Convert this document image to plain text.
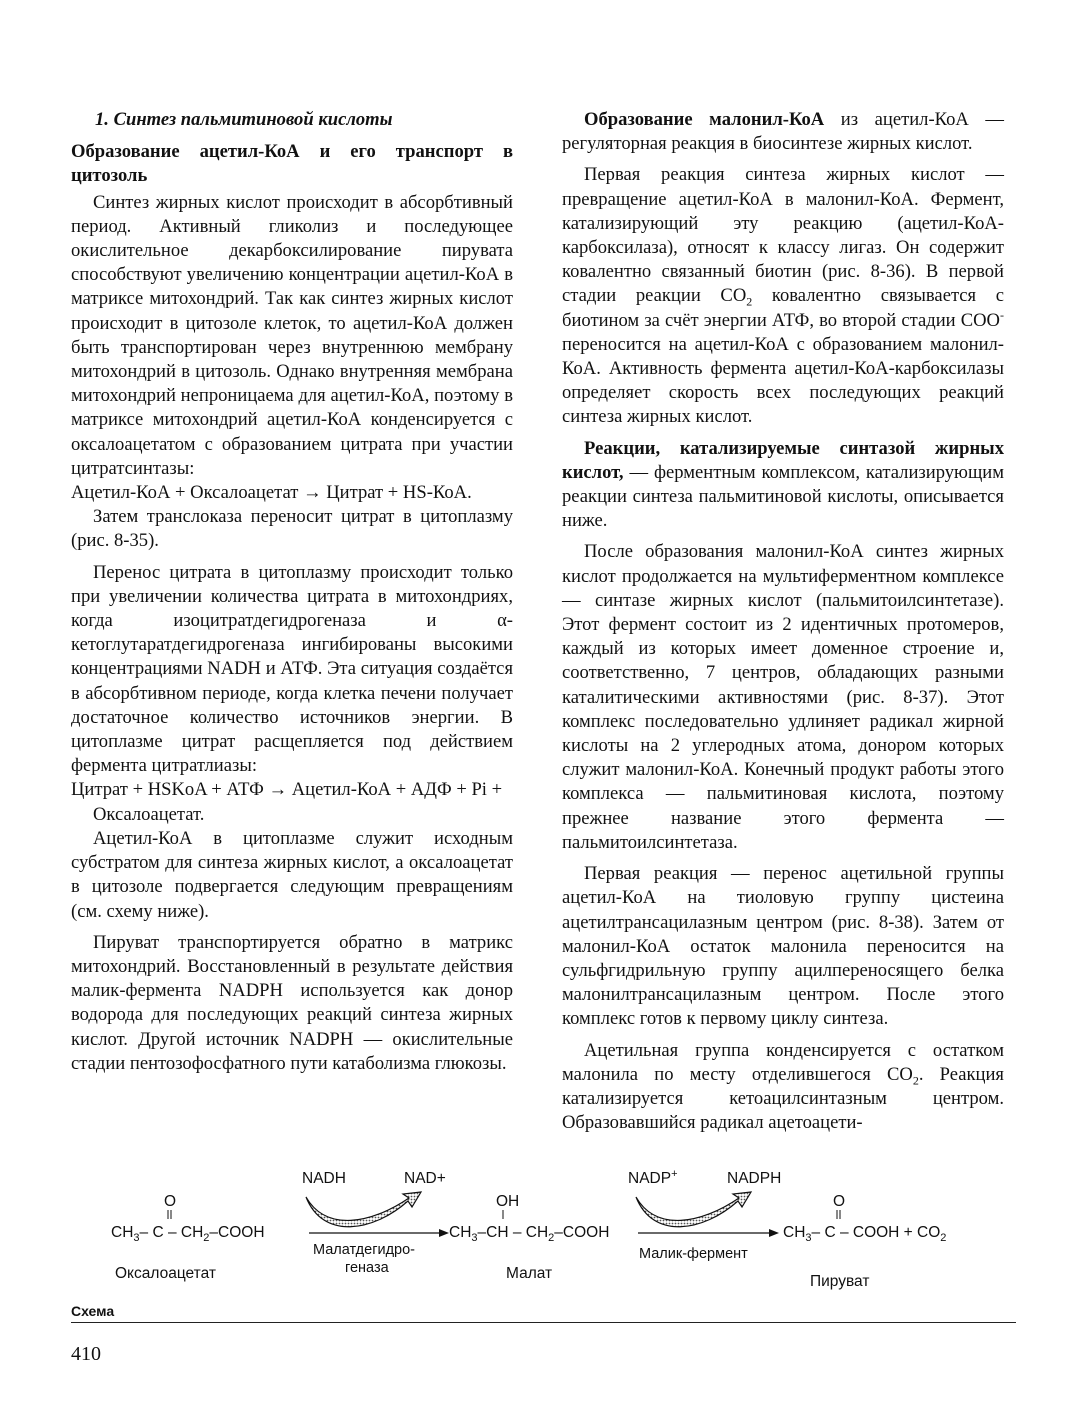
1. Синтез пальмитиновой кислоты

Образование ацетил-КоА и его транспорт в цитозоль

Синтез жирных кислот происходит в абсорбтивный период. Активный гликолиз и последующее окислительное декарбоксилирование пирувата способствуют увеличению концентрации ацетил-КоА в матриксе митохондрий. Так как синтез жирных кислот происходит в цитозоле клеток, то ацетил-КоА должен быть транспортирован через внутреннюю мембрану митохондрий в цитозоль. Однако внутренняя мембрана митохондрий непроницаема для ацетил-КоА, поэтому в матриксе митохондрий ацетил-КоА конденсируется с оксалоацетатом с образованием цитрата при участии цитратсинтазы:

Ацетил-КоА + Оксалоацетат → Цитрат + HS-КоА.

Затем транслоказа переносит цитрат в цитоплазму (рис. 8-35).

Перенос цитрата в цитоплазму происходит только при увеличении количества цитрата в митохондриях, когда изоцитратдегидрогеназа и α-кетоглутаратдегидрогеназа ингибированы высокими концентрациями NADH и АТФ. Эта ситуация создаётся в абсорбтивном периоде, когда клетка печени получает достаточное количество источников энергии. В цитоплазме цитрат расщепляется под действием фермента цитратлиазы:

Цитрат + HSKoA + АТФ → Ацетил-КоА + АДФ + Pi + Оксалоацетат.

Ацетил-КоА в цитоплазме служит исходным субстратом для синтеза жирных кислот, а оксалоацетат в цитозоле подвергается следующим превращениям (см. схему ниже).

Пируват транспортируется обратно в матрикс митохондрий. Восстановленный в результате действия малик-фермента NADPH используется как донор водорода для последующих реакций синтеза жирных кислот. Другой источник NADPH — окислительные стадии пентозофосфатного пути катаболизма глюкозы.

Образование малонил-КоА из ацетил-КоА — регуляторная реакция в биосинтезе жирных кислот.

Первая реакция синтеза жирных кислот — превращение ацетил-КоА в малонил-КоА. Фермент, катализирующий эту реакцию (ацетил-КоА-карбоксилаза), относят к классу лигаз. Он содержит ковалентно связанный биотин (рис. 8-36). В первой стадии реакции $CO_2$ ковалентно связывается с биотином за счёт энергии АТФ, во второй стадии СОО- переносится на ацетил-КоА с образованием малонил-КоА. Активность фермента ацетил-КоА-карбоксилазы определяет скорость всех последующих реакций синтеза жирных кислот.

Реакции, катализируемые синтазой жирных кислот, — ферментным комплексом, катализирующим реакции синтеза пальмитиновой кислоты, описывается ниже.

После образования малонил-КоА синтез жирных кислот продолжается на мультиферментном комплексе — синтазе жирных кислот (пальмитоилсинтетазе). Этот фермент состоит из 2 идентичных протомеров, каждый из которых имеет доменное строение и, соответственно, 7 центров, обладающих разными каталитическими активностями (рис. 8-37). Этот комплекс последовательно удлиняет радикал жирной кислоты на 2 углеродных атома, донором которых служит малонил-КоА. Конечный продукт работы этого комплекса — пальмитиновая кислота, поэтому прежнее название этого фермента — пальмитоилсинтетаза.

Первая реакция — перенос ацетильной группы ацетил-КоА на тиоловую группу цистеина ацетилтрансацилазным центром (рис. 8-38). Затем от малонил-КоА остаток малонила переносится на сульфгидрильную группу ацилпереносящего белка малонилтрансацилазным центром. После этого комплекс готов к первому циклу синтеза.

Ацетильная группа конденсируется с остатком малонила по месту отделившегося $CO_2$. Реакция катализируется кетоацилсинтазным центром. Образовавшийся радикал ацетоацети-

NADH	NAD+	NADP+	NADPH
O	OH	O
$CH_3-$ C – $CH_2$–COOH	$CH_3-CH$ – $CH_2$–COOH	$CH_3-$ C – COOH + $CO_2$
Малатдегидро-
геназа
Малик-фермент
Оксалоацетат	Малат	Пируват
Схема
410
